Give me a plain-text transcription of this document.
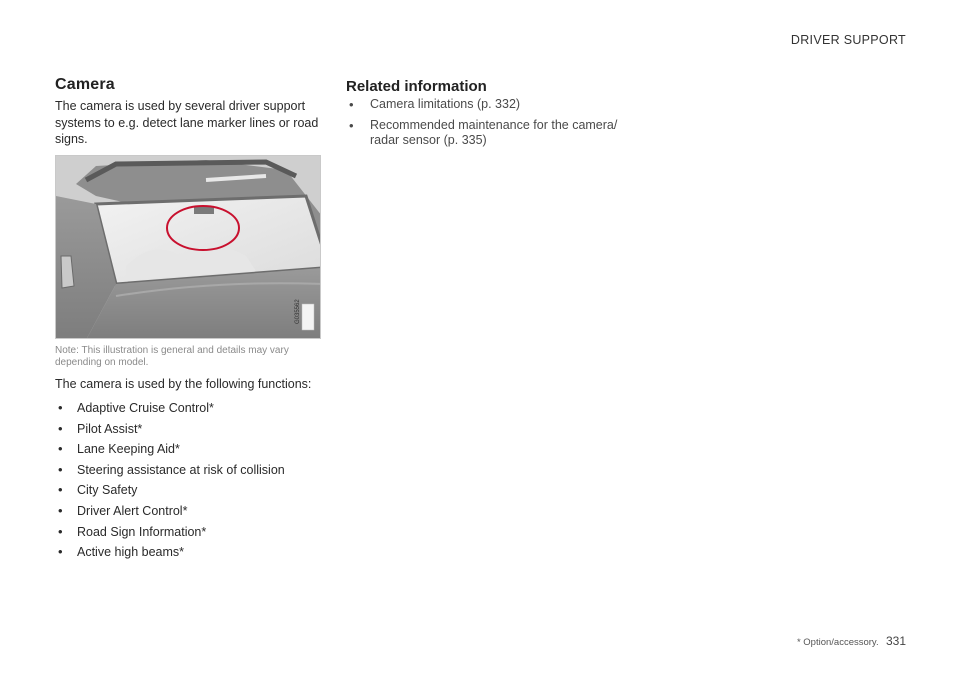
DRIVER SUPPORT
Camera

The camera is used by several driver support systems to e.g. detect lane marker lines or road signs.

G035562

Note: This illustration is general and details may vary depending on model.

The camera is used by the following functions:

• Adaptive Cruise Control*
• Pilot Assist*
• Lane Keeping Aid*
• Steering assistance at risk of collision
• City Safety
• Driver Alert Control*
• Road Sign Information*
• Active high beams*
Related information
• Camera limitations (p. 332)
• Recommended maintenance for the camera/ radar sensor (p. 335)
* Option/accessory. 331
